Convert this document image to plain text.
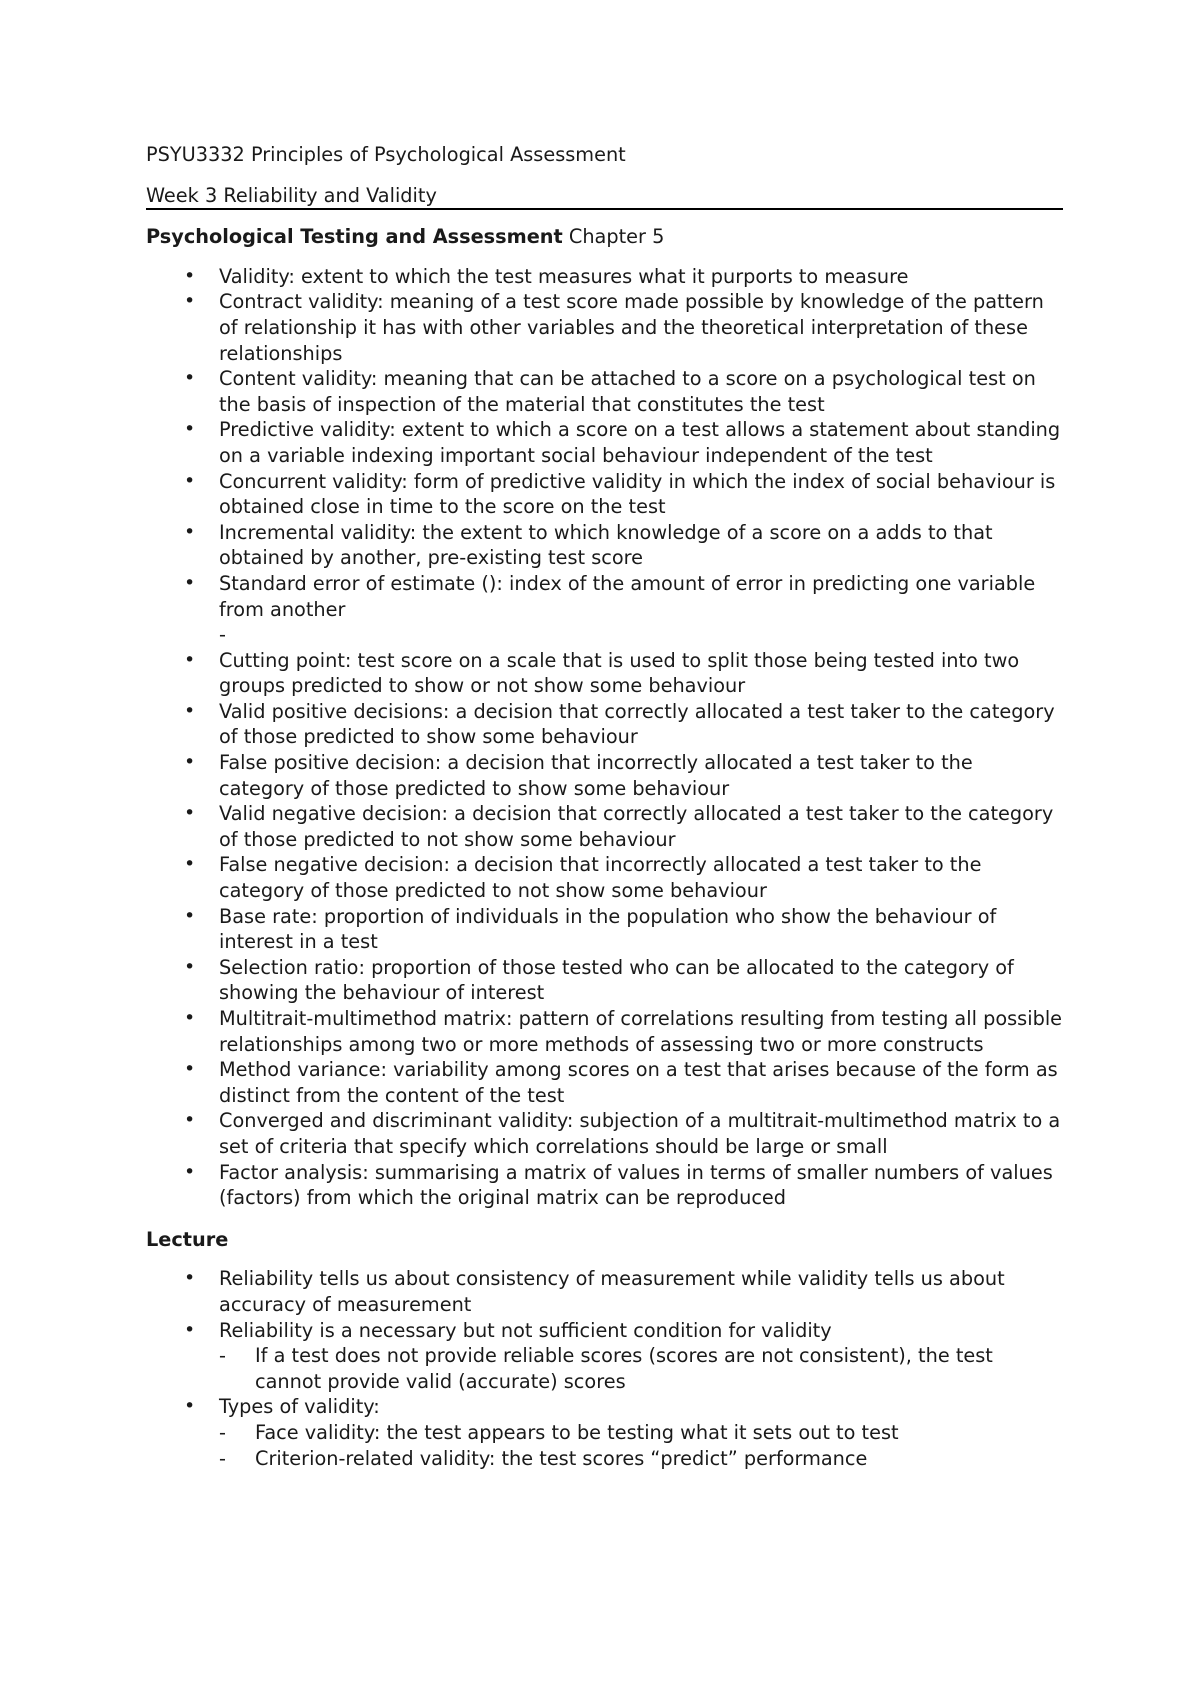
PSYU3332 Principles of Psychological Assessment
Week 3 Reliability and Validity
Psychological Testing and Assessment Chapter 5
• Validity: extent to which the test measures what it purports to measure
• Contract validity: meaning of a test score made possible by knowledge of the pattern of relationship it has with other variables and the theoretical interpretation of these relationships
• Content validity: meaning that can be attached to a score on a psychological test on the basis of inspection of the material that constitutes the test
• Predictive validity: extent to which a score on a test allows a statement about standing on a variable indexing important social behaviour independent of the test
• Concurrent validity: form of predictive validity in which the index of social behaviour is obtained close in time to the score on the test
• Incremental validity: the extent to which knowledge of a score on a adds to that obtained by another, pre-existing test score
• Standard error of estimate (): index of the amount of error in predicting one variable from another
-
• Cutting point: test score on a scale that is used to split those being tested into two groups predicted to show or not show some behaviour
• Valid positive decisions: a decision that correctly allocated a test taker to the category of those predicted to show some behaviour
• False positive decision: a decision that incorrectly allocated a test taker to the category of those predicted to show some behaviour
• Valid negative decision: a decision that correctly allocated a test taker to the category of those predicted to not show some behaviour
• False negative decision: a decision that incorrectly allocated a test taker to the category of those predicted to not show some behaviour
• Base rate: proportion of individuals in the population who show the behaviour of interest in a test
• Selection ratio: proportion of those tested who can be allocated to the category of showing the behaviour of interest
• Multitrait-multimethod matrix: pattern of correlations resulting from testing all possible relationships among two or more methods of assessing two or more constructs
• Method variance: variability among scores on a test that arises because of the form as distinct from the content of the test
• Converged and discriminant validity: subjection of a multitrait-multimethod matrix to a set of criteria that specify which correlations should be large or small
• Factor analysis: summarising a matrix of values in terms of smaller numbers of values (factors) from which the original matrix can be reproduced
Lecture
• Reliability tells us about consistency of measurement while validity tells us about accuracy of measurement
• Reliability is a necessary but not sufficient condition for validity
- If a test does not provide reliable scores (scores are not consistent), the test cannot provide valid (accurate) scores
• Types of validity:
- Face validity: the test appears to be testing what it sets out to test
- Criterion-related validity: the test scores “predict” performance
